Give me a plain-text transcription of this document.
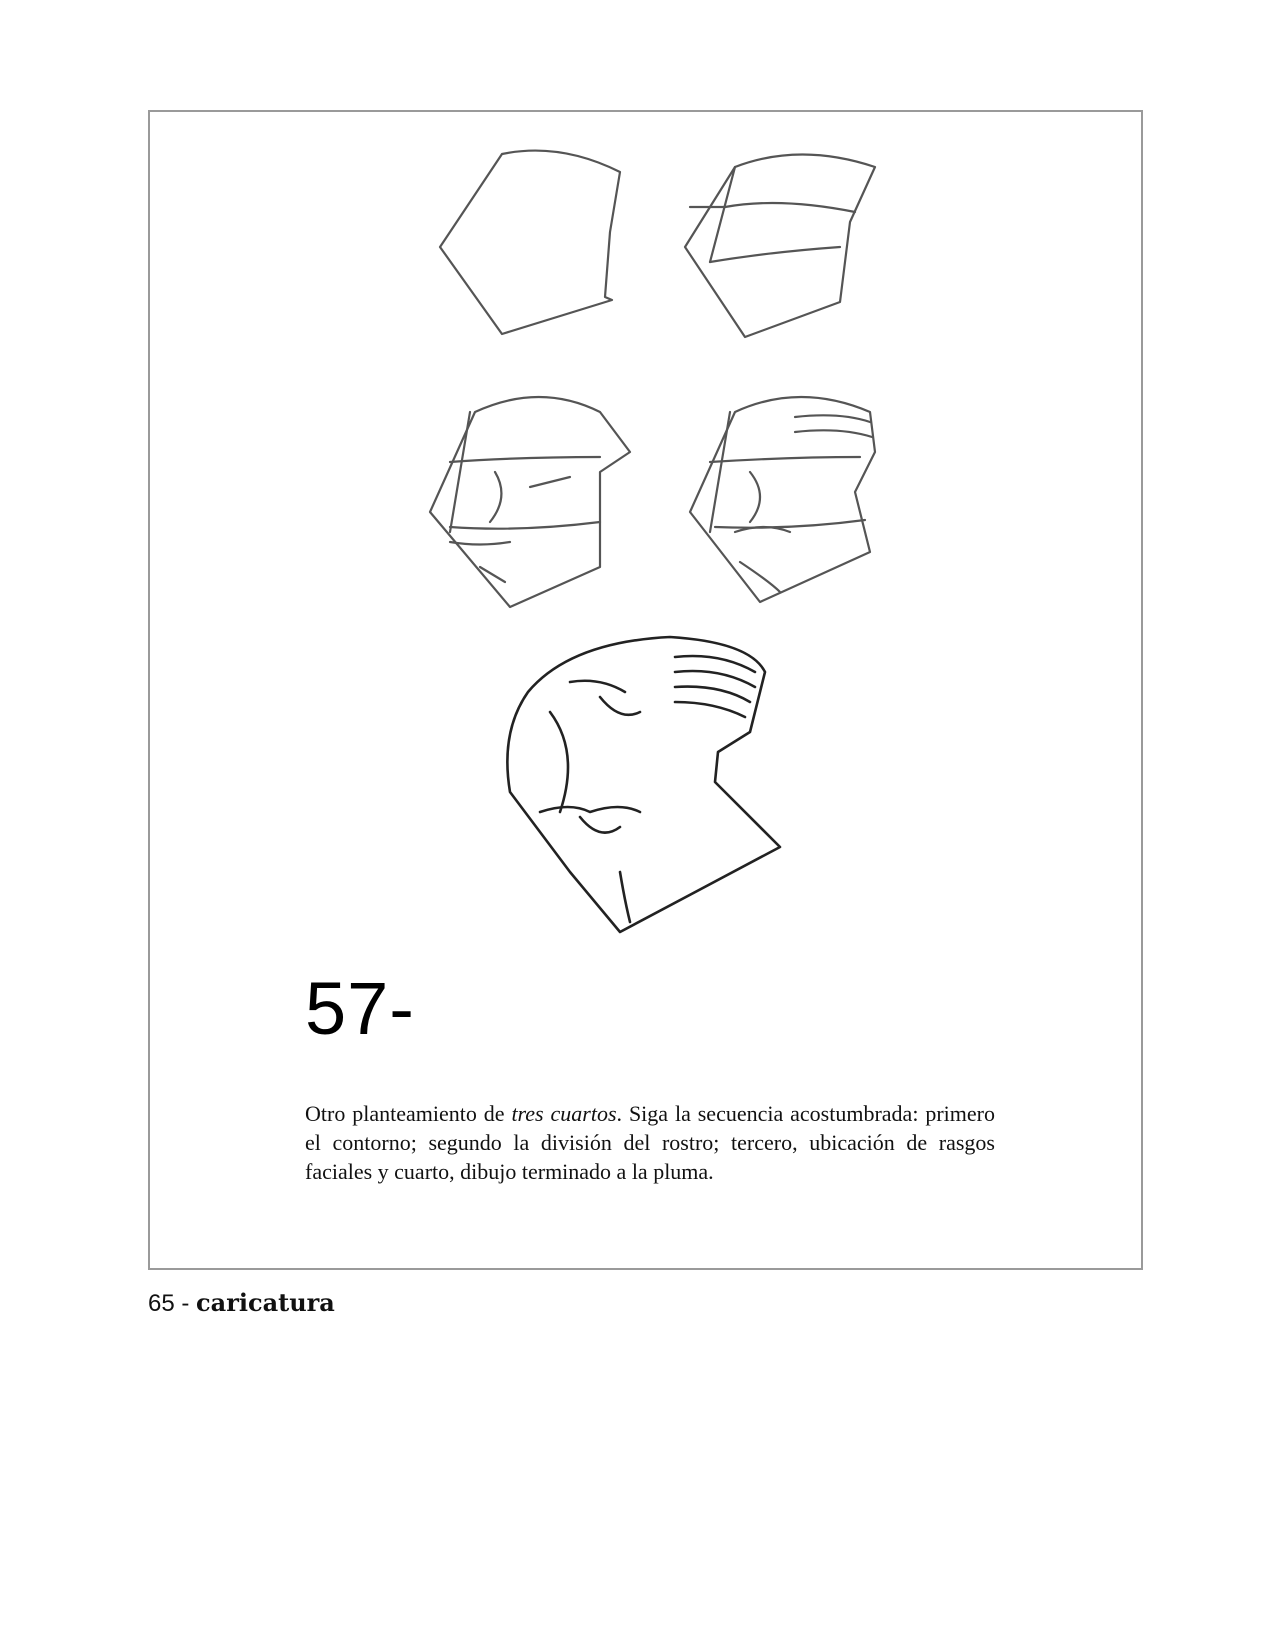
57-

Otro planteamiento de tres cuartos. Siga la secuencia acostumbrada: primero el contorno; segundo la división del rostro; tercero, ubicación de rasgos faciales y cuarto, dibujo terminado a la pluma.

65 - caricatura
